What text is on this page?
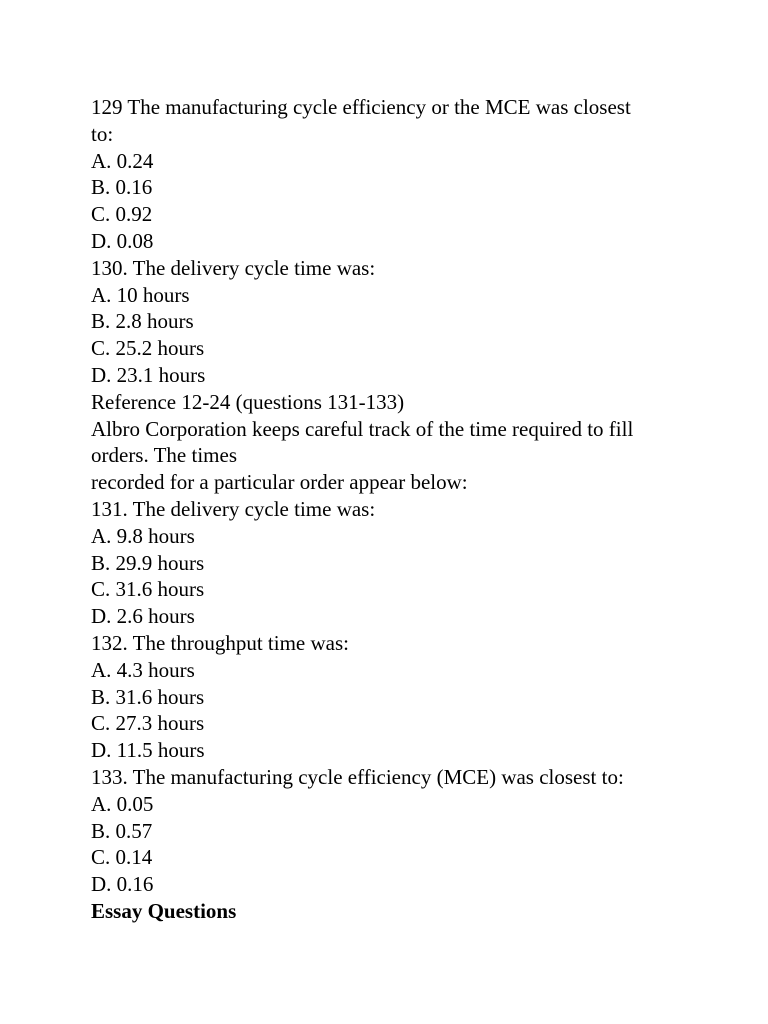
129 The manufacturing cycle efficiency or the MCE was closest
to:
A. 0.24
B. 0.16
C. 0.92
D. 0.08
130. The delivery cycle time was:
A. 10 hours
B. 2.8 hours
C. 25.2 hours
D. 23.1 hours
Reference 12-24 (questions 131-133)
Albro Corporation keeps careful track of the time required to fill
orders. The times
recorded for a particular order appear below:
131. The delivery cycle time was:
A. 9.8 hours
B. 29.9 hours
C. 31.6 hours
D. 2.6 hours
132. The throughput time was:
A. 4.3 hours
B. 31.6 hours
C. 27.3 hours
D. 11.5 hours
133. The manufacturing cycle efficiency (MCE) was closest to:
A. 0.05
B. 0.57
C. 0.14
D. 0.16
Essay Questions
